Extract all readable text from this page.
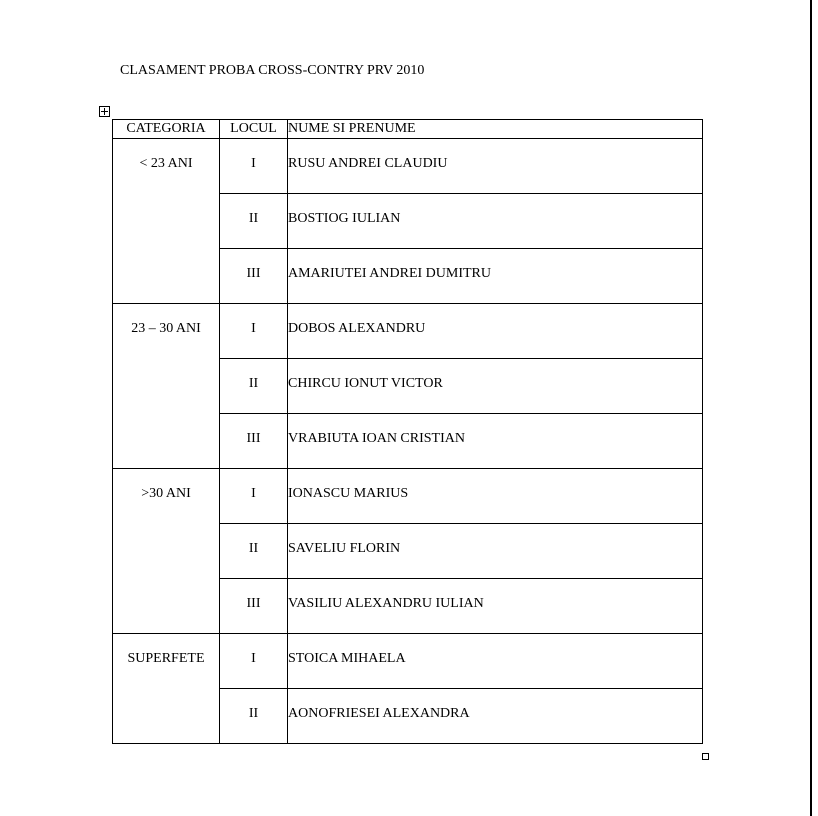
CLASAMENT PROBA CROSS-CONTRY PRV 2010
CATEGORIA	LOCUL	NUME SI PRENUME
< 23 ANI	I	RUSU ANDREI CLAUDIU
	II	BOSTIOG IULIAN
	III	AMARIUTEI ANDREI DUMITRU
23 – 30 ANI	I	DOBOS ALEXANDRU
	II	CHIRCU IONUT VICTOR
	III	VRABIUTA IOAN CRISTIAN
>30 ANI	I	IONASCU MARIUS
	II	SAVELIU FLORIN
	III	VASILIU ALEXANDRU IULIAN
SUPERFETE	I	STOICA MIHAELA
	II	AONOFRIESEI ALEXANDRA
